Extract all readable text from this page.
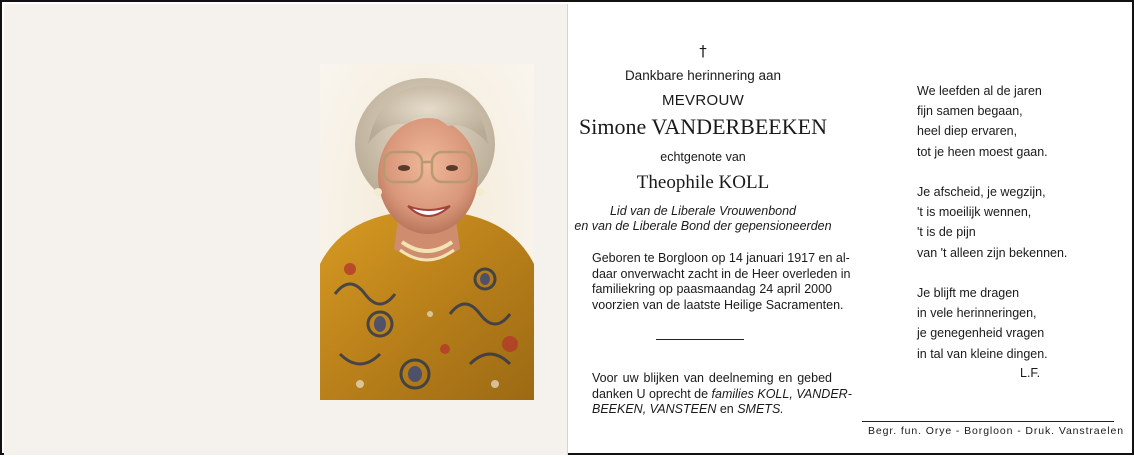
†
Dankbare herinnering aan
MEVROUW
Simone VANDERBEEKEN
echtgenote van
Theophile KOLL
Lid van de Liberale Vrouwenbond
en van de Liberale Bond der gepensioneerden
Geboren te Borgloon op 14 januari 1917 en al-
daar onverwacht zacht in de Heer overleden in
familiekring op paasmaandag 24 april 2000
voorzien van de laatste Heilige Sacramenten.
Voor uw blijken van deelneming en gebed
danken U oprecht de families KOLL, VANDER-
BEEKEN, VANSTEEN en SMETS.
We leefden al de jaren
fijn samen begaan,
heel diep ervaren,
tot je heen moest gaan.
Je afscheid, je wegzijn,
't is moeilijk wennen,
't is de pijn
van 't alleen zijn bekennen.
Je blijft me dragen
in vele herinneringen,
je genegenheid vragen
in tal van kleine dingen.
L.F.
Begr. fun. Orye - Borgloon - Druk. Vanstraelen
